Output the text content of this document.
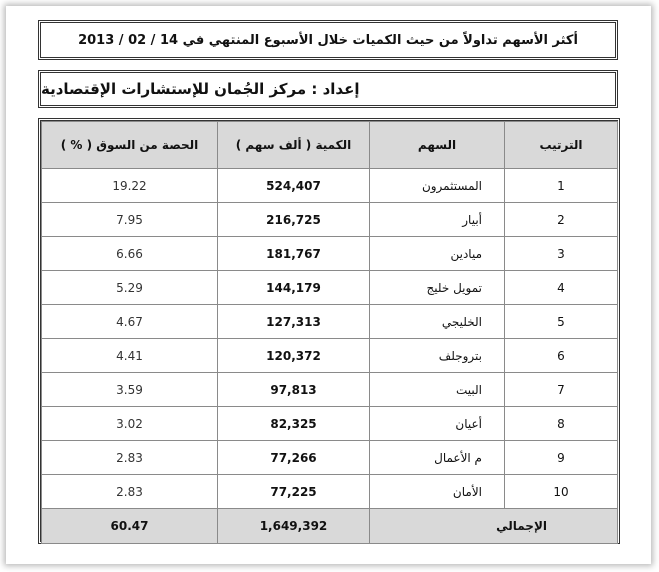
أكثر الأسهم تداولاً من حيث الكميات خلال الأسبوع المنتهي في 14 / 02 / 2013
إعداد : مركز الجُمان للإستشارات الإقتصادية
الحصة من السوق ( % )	الكمية ( ألف سهم )	السهم	الترتيب
19.22	524,407	المستثمرون	1
7.95	216,725	أبيار	2
6.66	181,767	ميادين	3
5.29	144,179	تمويل خليج	4
4.67	127,313	الخليجي	5
4.41	120,372	بتروجلف	6
3.59	97,813	البيت	7
3.02	82,325	أعيان	8
2.83	77,266	م الأعمال	9
2.83	77,225	الأمان	10
60.47	1,649,392	الإجمالي	
